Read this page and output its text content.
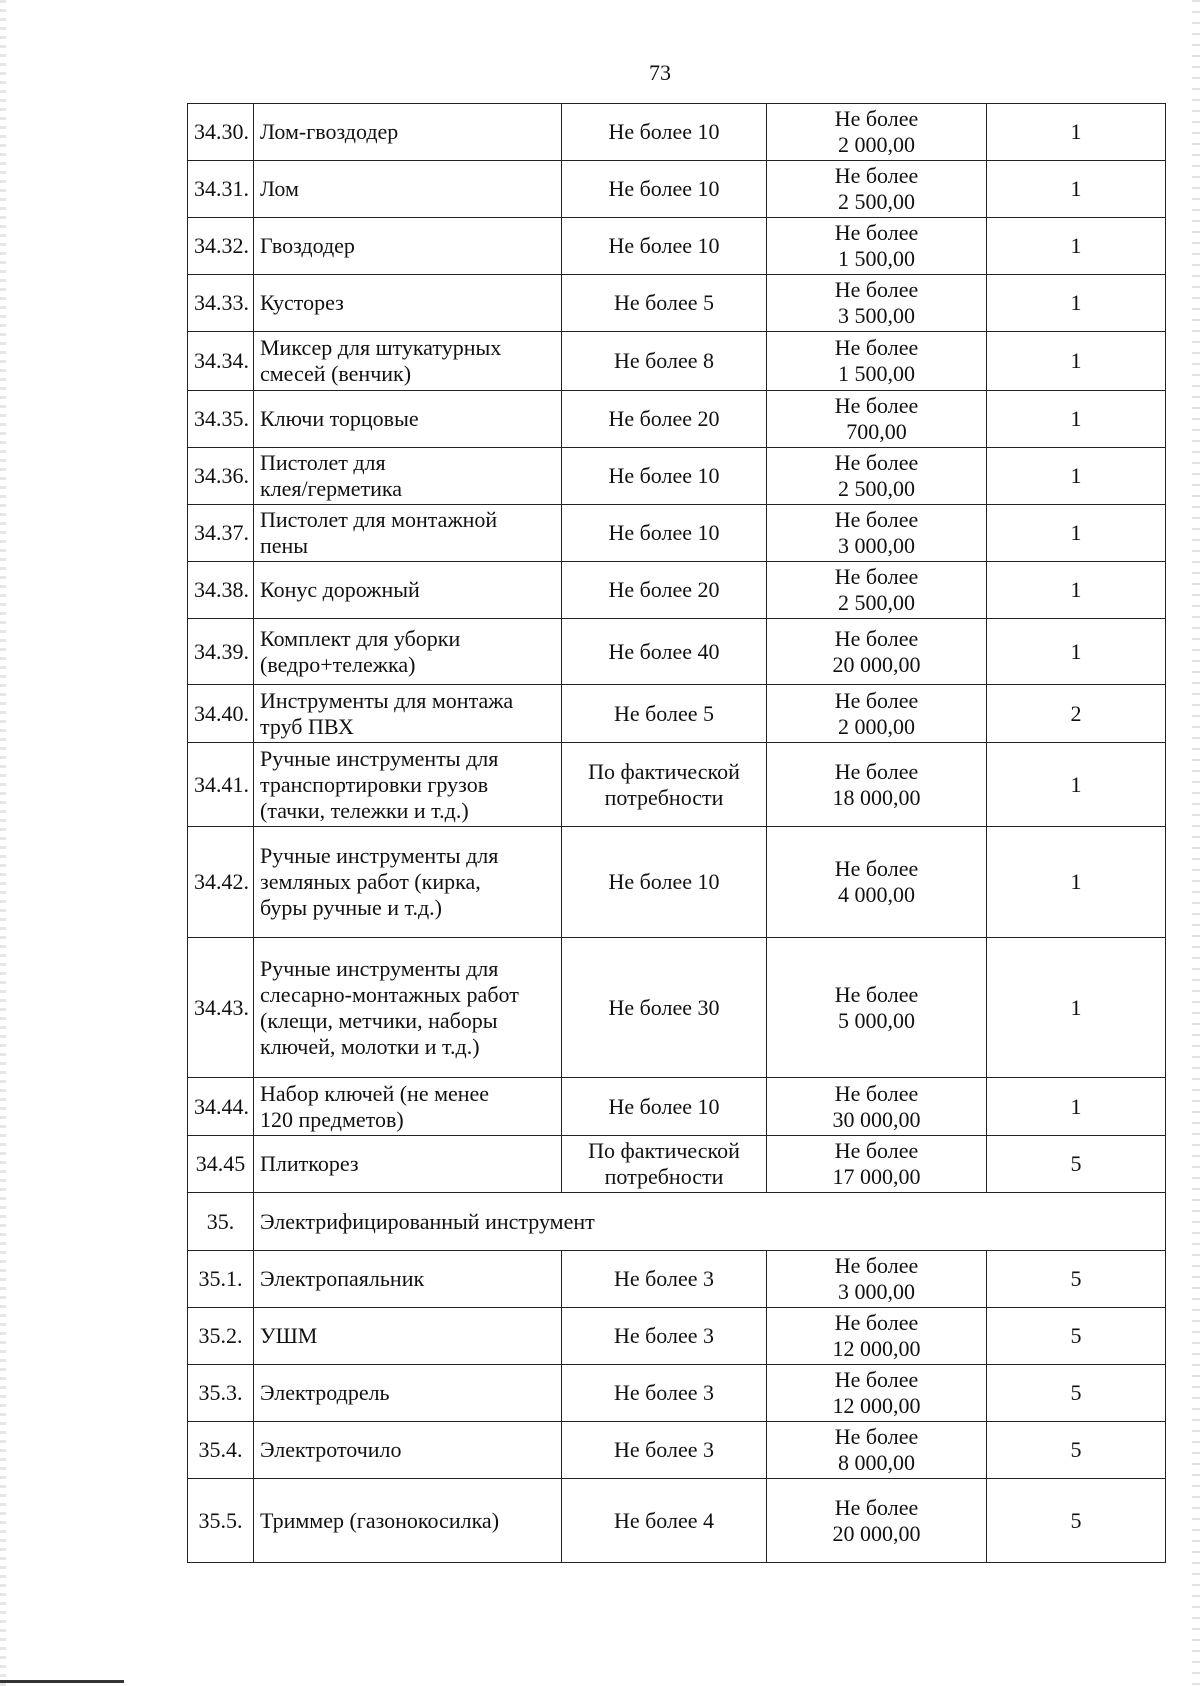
73
34.30.	Лом-гвоздодер	Не более 10	Не более
2 000,00	1
34.31.	Лом	Не более 10	Не более
2 500,00	1
34.32.	Гвоздодер	Не более 10	Не более
1 500,00	1
34.33.	Кусторез	Не более 5	Не более
3 500,00	1
34.34.	Миксер для штукатурных
смесей (венчик)	Не более 8	Не более
1 500,00	1
34.35.	Ключи торцовые	Не более 20	Не более
700,00	1
34.36.	Пистолет для
клея/герметика	Не более 10	Не более
2 500,00	1
34.37.	Пистолет для монтажной
пены	Не более 10	Не более
3 000,00	1
34.38.	Конус дорожный	Не более 20	Не более
2 500,00	1
34.39.	Комплект для уборки
(ведро+тележка)	Не более 40	Не более
20 000,00	1
34.40.	Инструменты для монтажа
труб ПВХ	Не более 5	Не более
2 000,00	2
34.41.	Ручные инструменты для
транспортировки грузов
(тачки, тележки и т.д.)	По фактической
потребности	Не более
18 000,00	1
34.42.	Ручные инструменты для
земляных работ (кирка,
буры ручные и т.д.)	Не более 10	Не более
4 000,00	1
34.43.	Ручные инструменты для
слесарно-монтажных работ
(клещи, метчики, наборы
ключей, молотки и т.д.)	Не более 30	Не более
5 000,00	1
34.44.	Набор ключей (не менее
120 предметов)	Не более 10	Не более
30 000,00	1
34.45	Плиткорез	По фактической
потребности	Не более
17 000,00	5
35.	Электрифицированный инструмент			

35.1.	Электропаяльник	Не более 3	Не более
3 000,00	5
35.2.	УШМ	Не более 3	Не более
12 000,00	5
35.3.	Электродрель	Не более 3	Не более
12 000,00	5
35.4.	Электроточило	Не более 3	Не более
8 000,00	5
35.5.	Триммер (газонокосилка)	Не более 4	Не более
20 000,00	5
